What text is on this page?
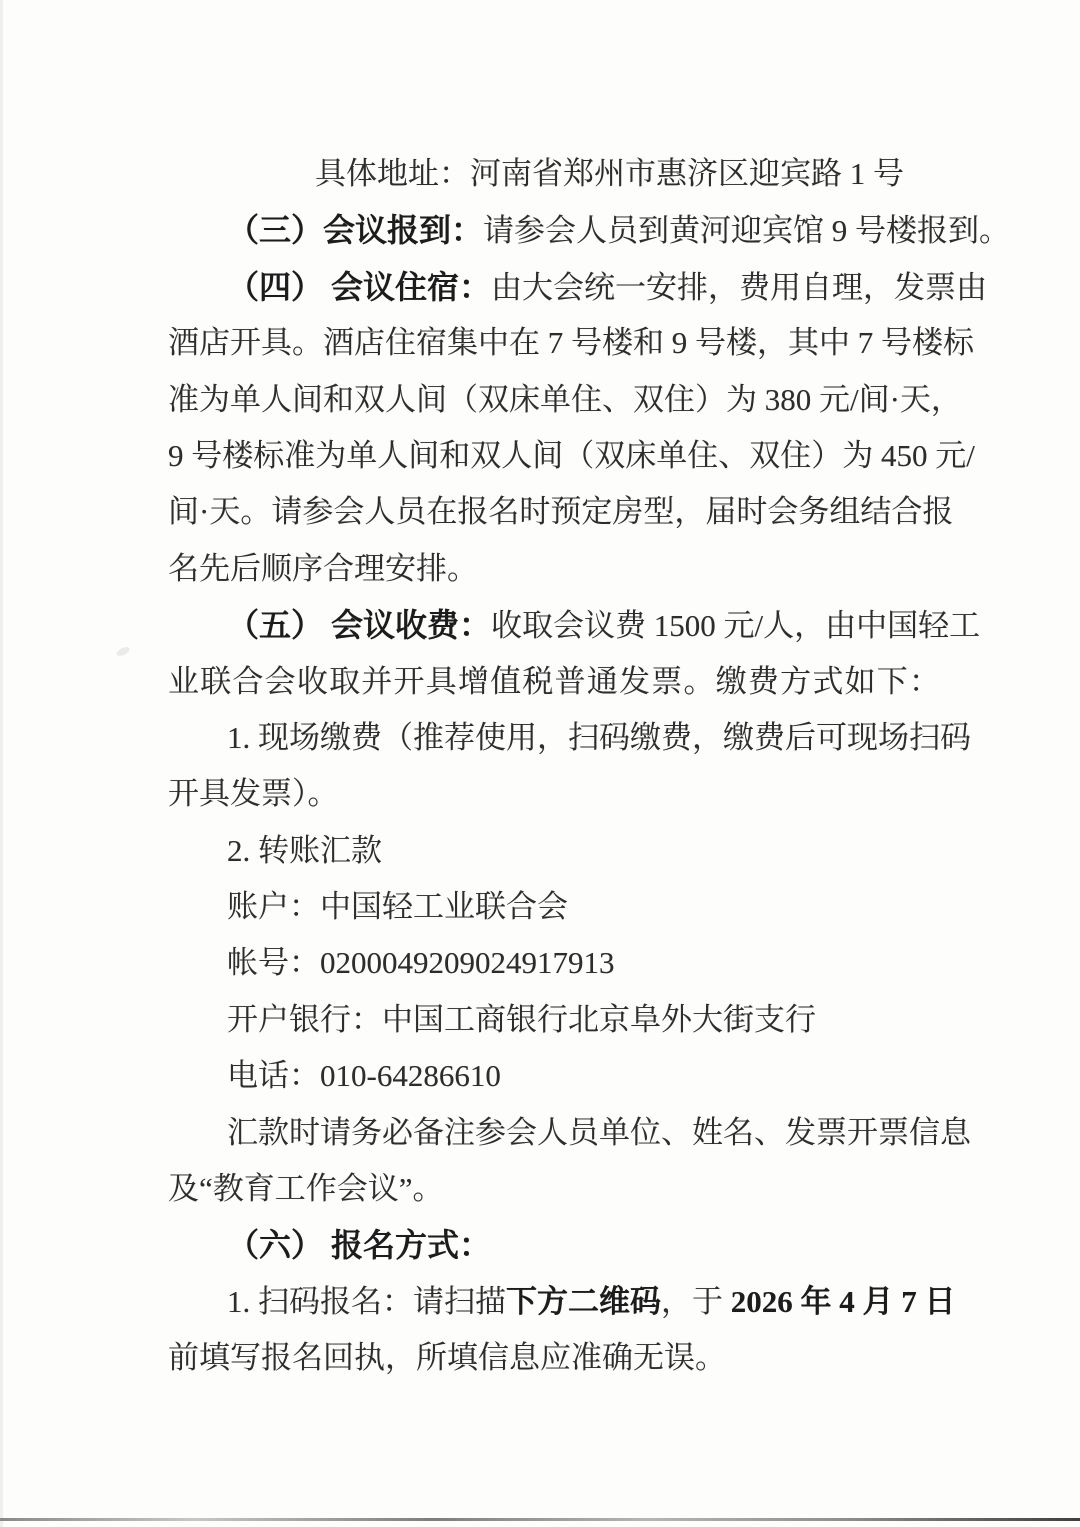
具体地址：河南省郑州市惠济区迎宾路 1 号
（三）会议报到：请参会人员到黄河迎宾馆 9 号楼报到。
（四） 会议住宿：由大会统一安排，费用自理，发票由
酒店开具。酒店住宿集中在 7 号楼和 9 号楼，其中 7 号楼标
准为单人间和双人间（双床单住、双住）为 380 元/间·天，
9 号楼标准为单人间和双人间（双床单住、双住）为 450 元/
间·天。请参会人员在报名时预定房型，届时会务组结合报
名先后顺序合理安排。
（五） 会议收费：收取会议费 1500 元/人，由中国轻工
业联合会收取并开具增值税普通发票。缴费方式如下：
1. 现场缴费（推荐使用，扫码缴费，缴费后可现场扫码
开具发票）。
2. 转账汇款
账户：中国轻工业联合会
帐号：0200049209024917913
开户银行：中国工商银行北京阜外大街支行
电话：010-64286610
汇款时请务必备注参会人员单位、姓名、发票开票信息
及“教育工作会议”。
（六） 报名方式：
1. 扫码报名：请扫描下方二维码，于 2026 年 4 月 7 日
前填写报名回执，所填信息应准确无误。
